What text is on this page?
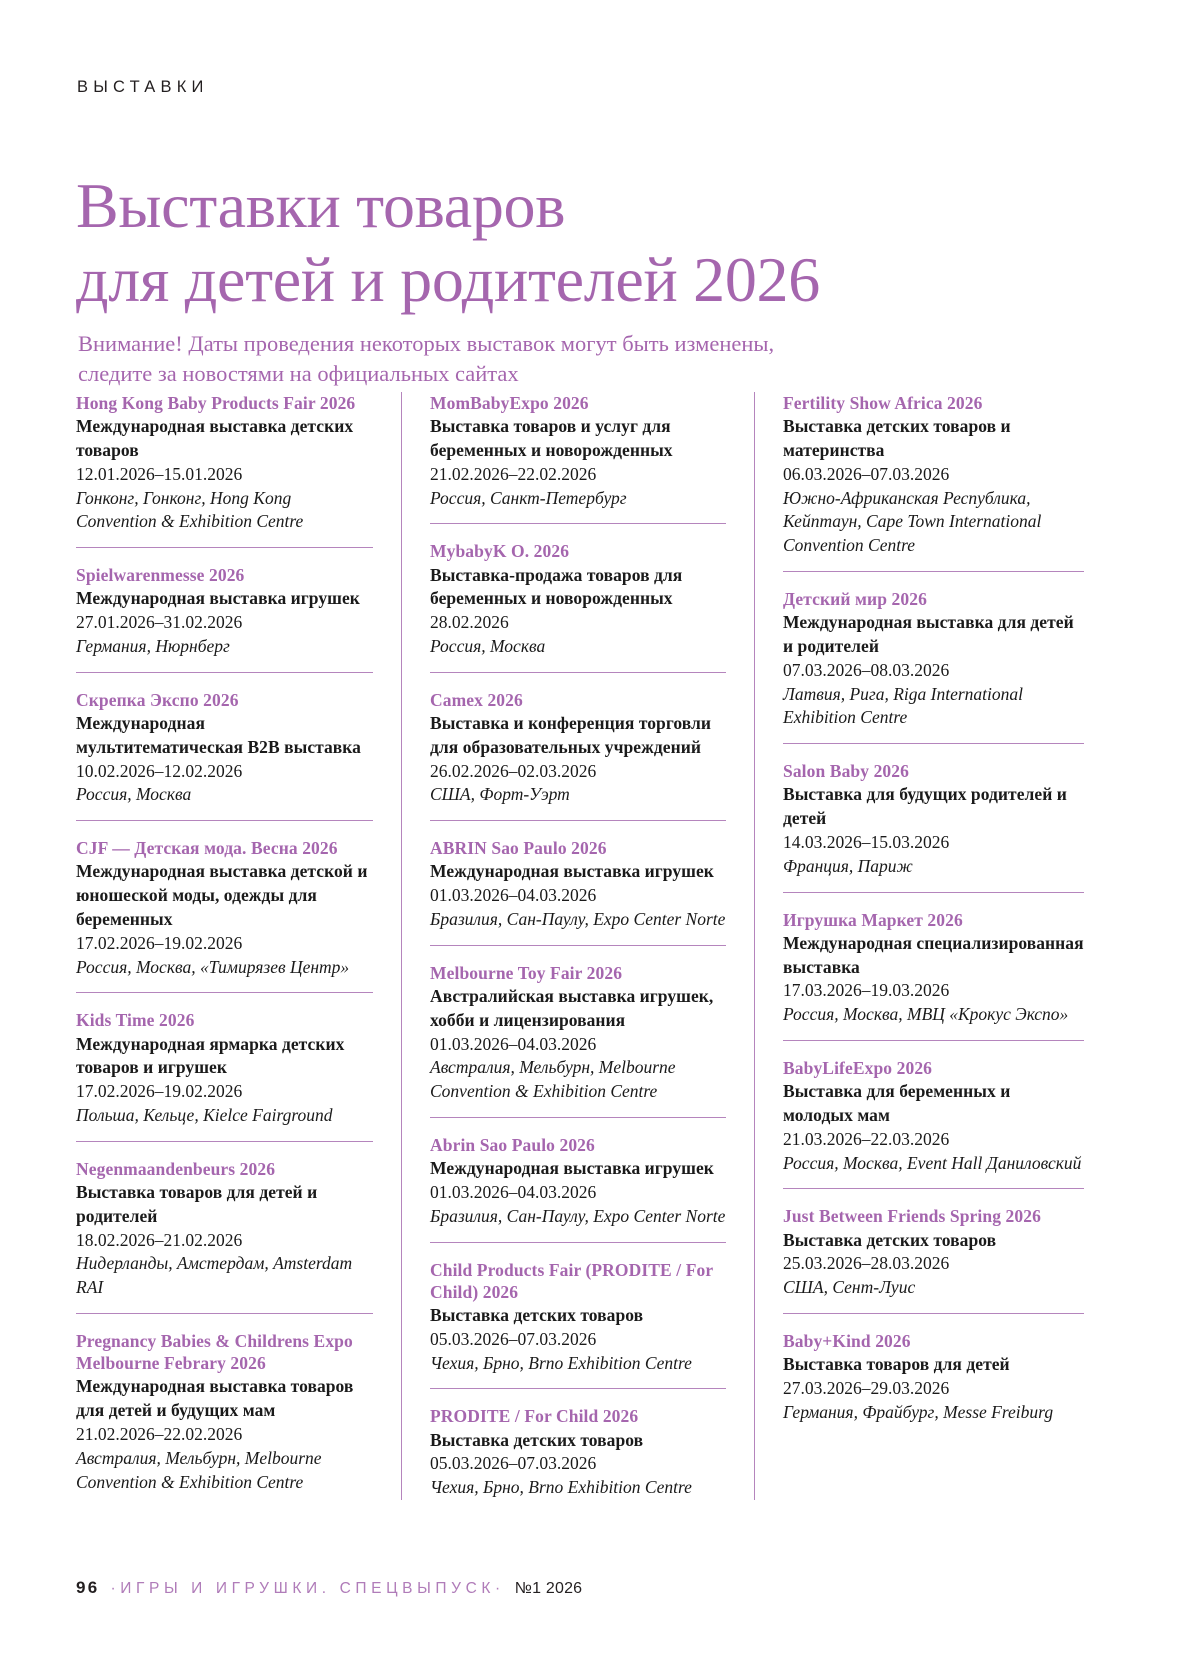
ВЫСТАВКИ
Выставки товаров
для детей и родителей 2026

Внимание! Даты проведения некоторых выставок могут быть изменены,
следите за новостями на официальных сайтах

Hong Kong Baby Products Fair 2026
Международная выставка детских товаров
12.01.2026–15.01.2026
Гонконг, Гонконг, Hong Kong Convention & Exhibition Centre
Spielwarenmesse 2026
Международная выставка игрушек
27.01.2026–31.02.2026
Германия, Нюрнберг
Скрепка Экспо 2026
Международная мультитематическая B2B выставка
10.02.2026–12.02.2026
Россия, Москва
CJF — Детская мода. Весна 2026
Международная выставка детской и юношеской моды, одежды для беременных
17.02.2026–19.02.2026
Россия, Москва, «Тимирязев Центр»
Kids Time 2026
Международная ярмарка детских товаров и игрушек
17.02.2026–19.02.2026
Польша, Кельце, Kielce Fairground
Negenmaandenbeurs 2026
Выставка товаров для детей и родителей
18.02.2026–21.02.2026
Нидерланды, Амстердам, Amsterdam RAI
Pregnancy Babies & Childrens Expo Melbourne Febrary 2026
Международная выставка товаров для детей и будущих мам
21.02.2026–22.02.2026
Австралия, Мельбурн, Melbourne Convention & Exhibition Centre
MomBabyExpo 2026
Выставка товаров и услуг для беременных и новорожденных
21.02.2026–22.02.2026
Россия, Санкт-Петербург
MybabyK O. 2026
Выставка-продажа товаров для беременных и новорожденных
28.02.2026
Россия, Москва
Camex 2026
Выставка и конференция торговли для образовательных учреждений
26.02.2026–02.03.2026
США, Форт-Уэрт
ABRIN Sao Paulo 2026
Международная выставка игрушек
01.03.2026–04.03.2026
Бразилия, Сан-Паулу, Expo Center Norte
Melbourne Toy Fair 2026
Австралийская выставка игрушек, хобби и лицензирования
01.03.2026–04.03.2026
Австралия, Мельбурн, Melbourne Convention & Exhibition Centre
Abrin Sao Paulo 2026
Международная выставка игрушек
01.03.2026–04.03.2026
Бразилия, Сан-Паулу, Expo Center Norte
Child Products Fair (PRODITE / For Child) 2026
Выставка детских товаров
05.03.2026–07.03.2026
Чехия, Брно, Brno Exhibition Centre
PRODITE / For Child 2026
Выставка детских товаров
05.03.2026–07.03.2026
Чехия, Брно, Brno Exhibition Centre
Fertility Show Africa 2026
Выставка детских товаров и материнства
06.03.2026–07.03.2026
Южно-Африканская Республика, Кейптаун, Cape Town International Convention Centre
Детский мир 2026
Международная выставка для детей и родителей
07.03.2026–08.03.2026
Латвия, Рига, Riga International Exhibition Centre
Salon Baby 2026
Выставка для будущих родителей и детей
14.03.2026–15.03.2026
Франция, Париж
Игрушка Маркет 2026
Международная специализированная выставка
17.03.2026–19.03.2026
Россия, Москва, МВЦ «Крокус Экспо»
BabyLifeExpo 2026
Выставка для беременных и молодых мам
21.03.2026–22.03.2026
Россия, Москва, Event Hall Даниловский
Just Between Friends Spring 2026
Выставка детских товаров
25.03.2026–28.03.2026
США, Сент-Луис
Baby+Kind 2026
Выставка товаров для детей
27.03.2026–29.03.2026
Германия, Фрайбург, Messe Freiburg
96 ·ИГРЫ И ИГРУШКИ. СПЕЦВЫПУСК· №1 2026
